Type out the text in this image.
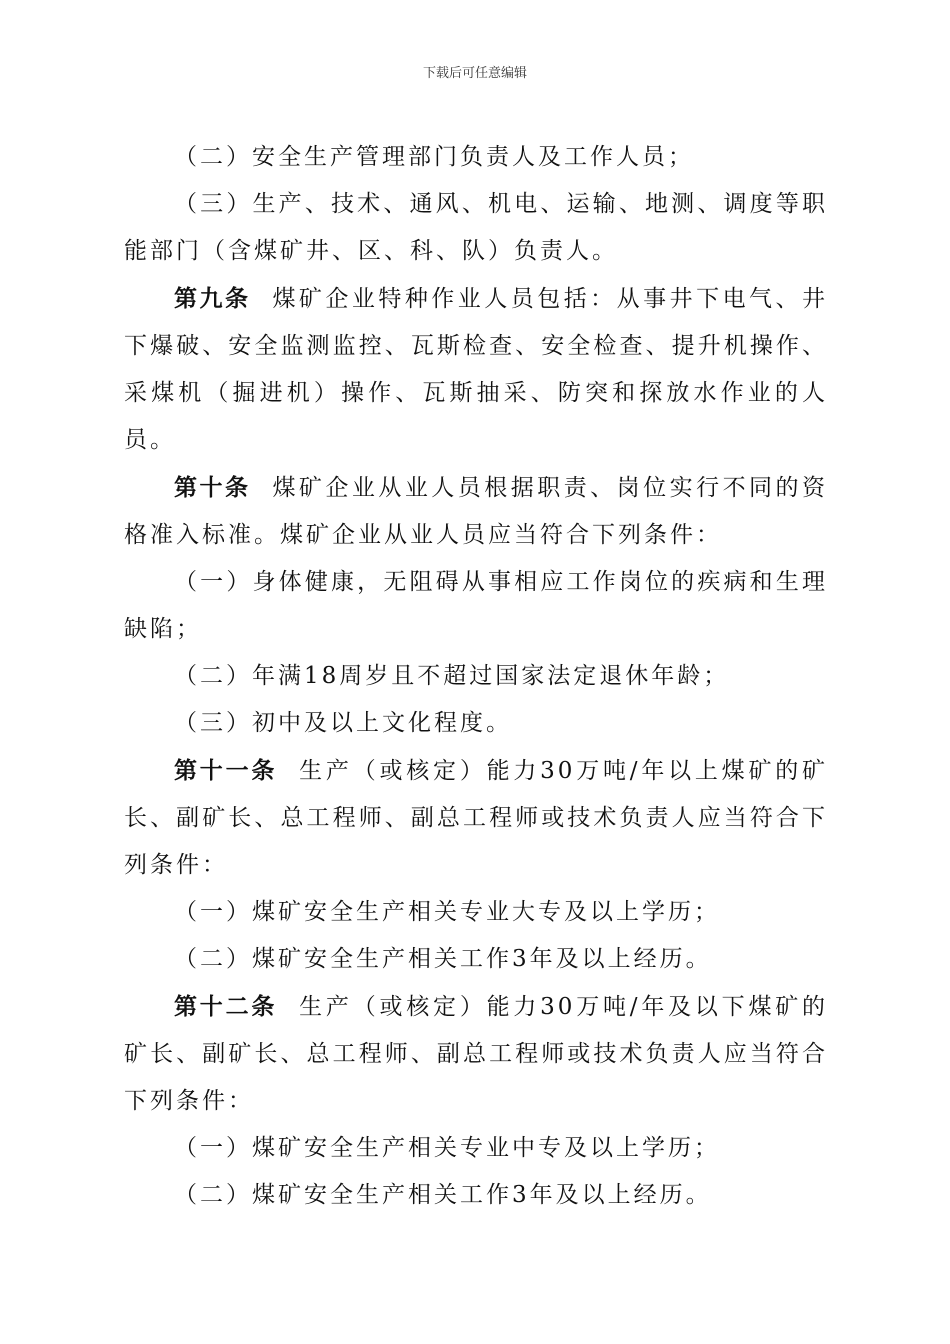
下载后可任意编辑

（二）安全生产管理部门负责人及工作人员；

（三）生产、技术、通风、机电、运输、地测、调度等职能部门（含煤矿井、区、科、队）负责人。

第九条 煤矿企业特种作业人员包括：从事井下电气、井下爆破、安全监测监控、瓦斯检查、安全检查、提升机操作、采煤机（掘进机）操作、瓦斯抽采、防突和探放水作业的人员。

第十条 煤矿企业从业人员根据职责、岗位实行不同的资格准入标准。煤矿企业从业人员应当符合下列条件：

（一）身体健康，无阻碍从事相应工作岗位的疾病和生理缺陷；

（二）年满18周岁且不超过国家法定退休年龄；

（三）初中及以上文化程度。

第十一条 生产（或核定）能力30万吨/年以上煤矿的矿长、副矿长、总工程师、副总工程师或技术负责人应当符合下列条件：

（一）煤矿安全生产相关专业大专及以上学历；

（二）煤矿安全生产相关工作3年及以上经历。

第十二条 生产（或核定）能力30万吨/年及以下煤矿的矿长、副矿长、总工程师、副总工程师或技术负责人应当符合下列条件：

（一）煤矿安全生产相关专业中专及以上学历；

（二）煤矿安全生产相关工作3年及以上经历。
